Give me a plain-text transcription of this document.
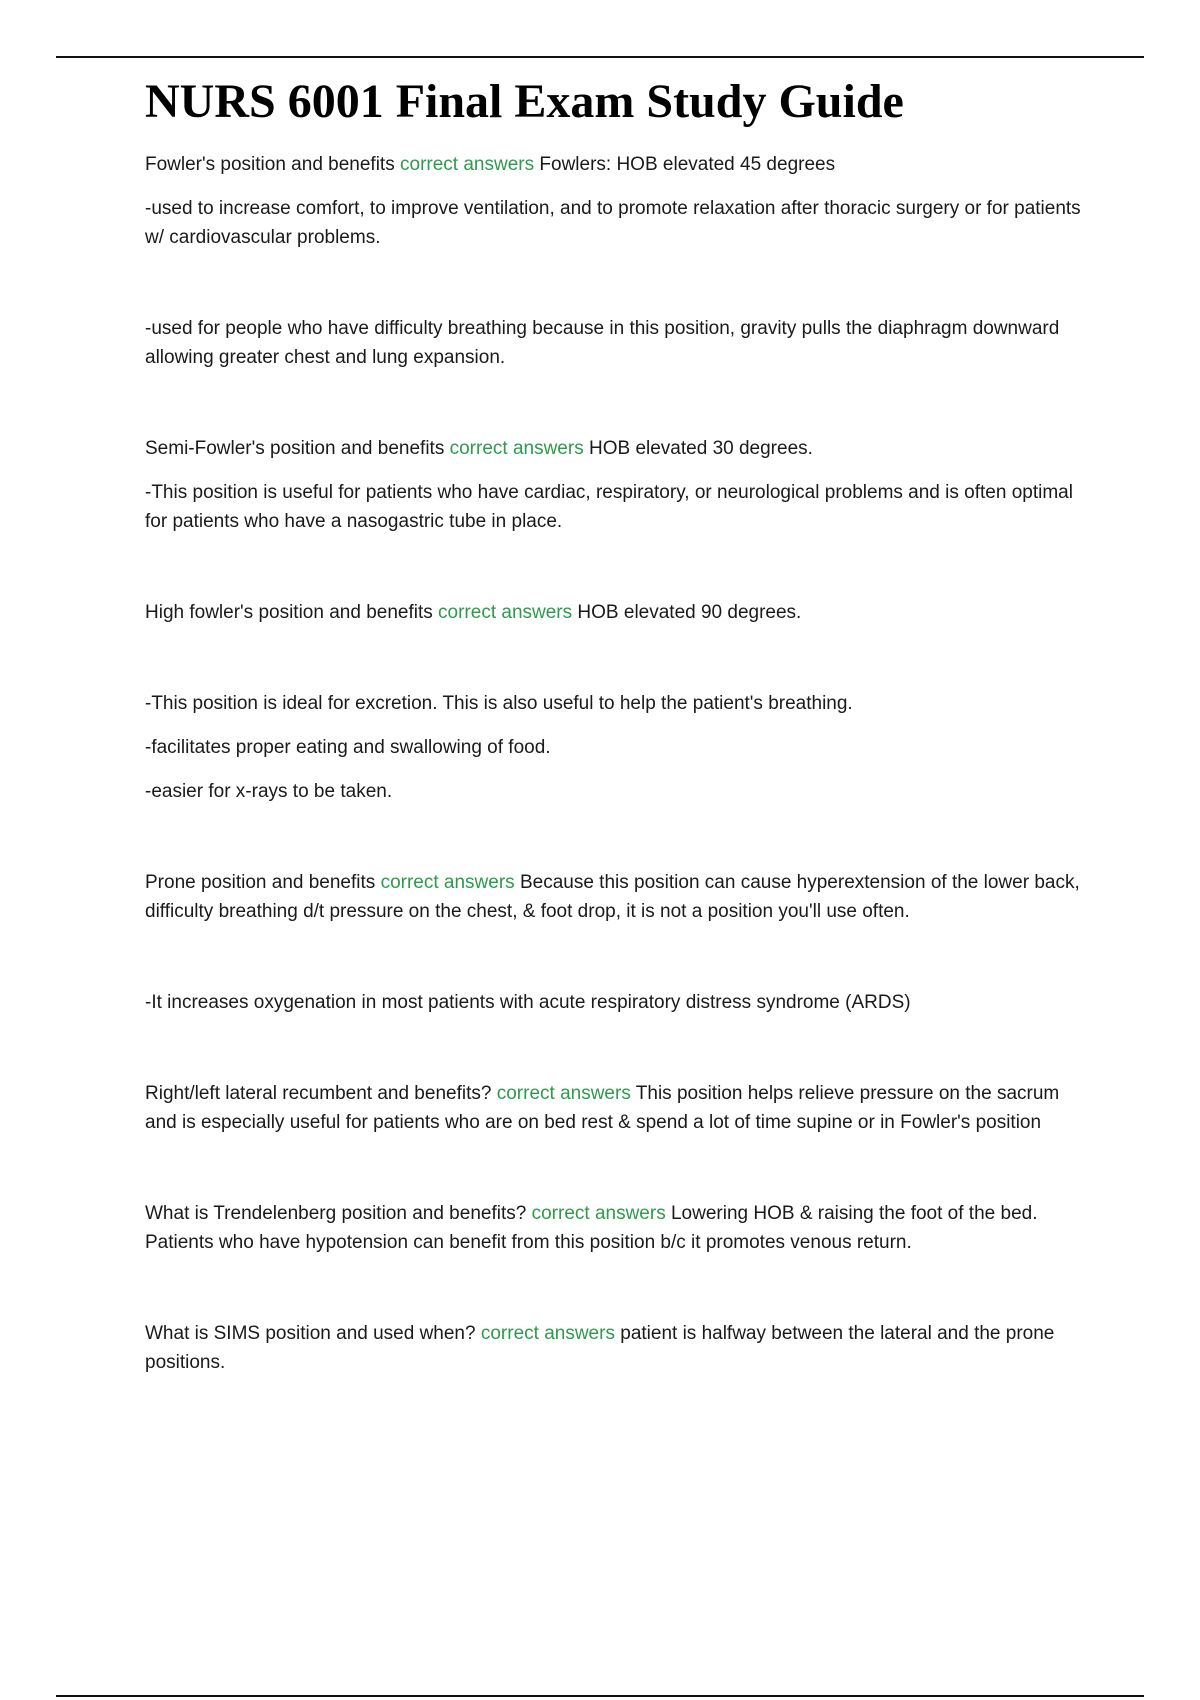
NURS 6001 Final Exam Study Guide

Fowler's position and benefits correct answers Fowlers: HOB elevated 45 degrees

-used to increase comfort, to improve ventilation, and to promote relaxation after thoracic surgery or for patients w/ cardiovascular problems.

-used for people who have difficulty breathing because in this position, gravity pulls the diaphragm downward allowing greater chest and lung expansion.

Semi-Fowler's position and benefits correct answers HOB elevated 30 degrees.

-This position is useful for patients who have cardiac, respiratory, or neurological problems and is often optimal for patients who have a nasogastric tube in place.

High fowler's position and benefits correct answers HOB elevated 90 degrees.

-This position is ideal for excretion. This is also useful to help the patient's breathing.

-facilitates proper eating and swallowing of food.

-easier for x-rays to be taken.

Prone position and benefits correct answers Because this position can cause hyperextension of the lower back, difficulty breathing d/t pressure on the chest, & foot drop, it is not a position you'll use often.

-It increases oxygenation in most patients with acute respiratory distress syndrome (ARDS)

Right/left lateral recumbent and benefits? correct answers This position helps relieve pressure on the sacrum and is especially useful for patients who are on bed rest & spend a lot of time supine or in Fowler's position

What is Trendelenberg position and benefits? correct answers Lowering HOB & raising the foot of the bed. Patients who have hypotension can benefit from this position b/c it promotes venous return.

What is SIMS position and used when? correct answers patient is halfway between the lateral and the prone positions.
